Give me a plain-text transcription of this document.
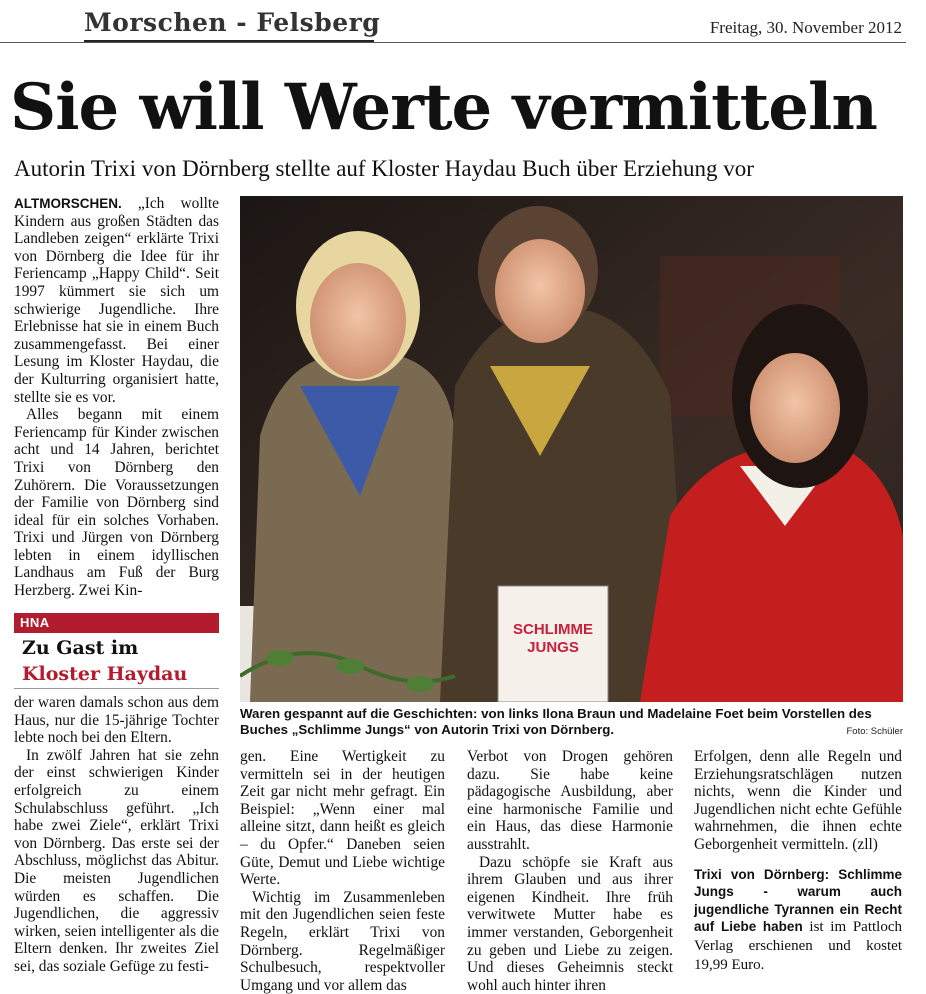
Morschen - Felsberg	Freitag, 30. November 2012
Sie will Werte vermitteln
Autorin Trixi von Dörnberg stellte auf Kloster Haydau Buch über Erziehung vor

ALTMORSCHEN. „Ich wollte Kindern aus großen Städten das Landleben zeigen“ erklärte Trixi von Dörnberg die Idee für ihr Feriencamp „Happy Child“. Seit 1997 kümmert sie sich um schwierige Jugendliche. Ihre Erlebnisse hat sie in einem Buch zusammengefasst. Bei einer Lesung im Kloster Haydau, die der Kulturring organisiert hatte, stellte sie es vor.

Alles begann mit einem Feriencamp für Kinder zwischen acht und 14 Jahren, berichtet Trixi von Dörnberg den Zuhörern. Die Voraussetzungen der Familie von Dörnberg sind ideal für ein solches Vorhaben. Trixi und Jürgen von Dörnberg lebten in einem idyllischen Landhaus am Fuß der Burg Herzberg. Zwei Kin-

HNA
Zu Gast im
Kloster Haydau

der waren damals schon aus dem Haus, nur die 15-jährige Tochter lebte noch bei den Eltern.

In zwölf Jahren hat sie zehn der einst schwierigen Kinder erfolgreich zu einem Schulabschluss geführt. „Ich habe zwei Ziele“, erklärt Trixi von Dörnberg. Das erste sei der Abschluss, möglichst das Abitur. Die meisten Jugendlichen würden es schaffen. Die Jugendlichen, die aggressiv wirken, seien intelligenter als die Eltern denken. Ihr zweites Ziel sei, das soziale Gefüge zu festi-

SCHLIMME
JUNGS
Waren gespannt auf die Geschichten: von links Ilona Braun und Madelaine Foet beim Vorstellen des Buches „Schlimme Jungs“ von Autorin Trixi von Dörnberg.	Foto: Schüler

gen. Eine Wertigkeit zu vermitteln sei in der heutigen Zeit gar nicht mehr gefragt. Ein Beispiel: „Wenn einer mal alleine sitzt, dann heißt es gleich – du Opfer.“ Daneben seien Güte, Demut und Liebe wichtige Werte.

Wichtig im Zusammenleben mit den Jugendlichen seien feste Regeln, erklärt Trixi von Dörnberg. Regelmäßiger Schulbesuch, respektvoller Umgang und vor allem das

Verbot von Drogen gehören dazu. Sie habe keine pädagogische Ausbildung, aber eine harmonische Familie und ein Haus, das diese Harmonie ausstrahlt.

Dazu schöpfe sie Kraft aus ihrem Glauben und aus ihrer eigenen Kindheit. Ihre früh verwitwete Mutter habe es immer verstanden, Geborgenheit zu geben und Liebe zu zeigen. Und dieses Geheimnis steckt wohl auch hinter ihren

Erfolgen, denn alle Regeln und Erziehungsratschlägen nutzen nichts, wenn die Kinder und Jugendlichen nicht echte Gefühle wahrnehmen, die ihnen echte Geborgenheit vermitteln. (zll)

Trixi von Dörnberg: Schlimme Jungs - warum auch jugendliche Tyrannen ein Recht auf Liebe haben ist im Pattloch Verlag erschienen und kostet 19,99 Euro.
